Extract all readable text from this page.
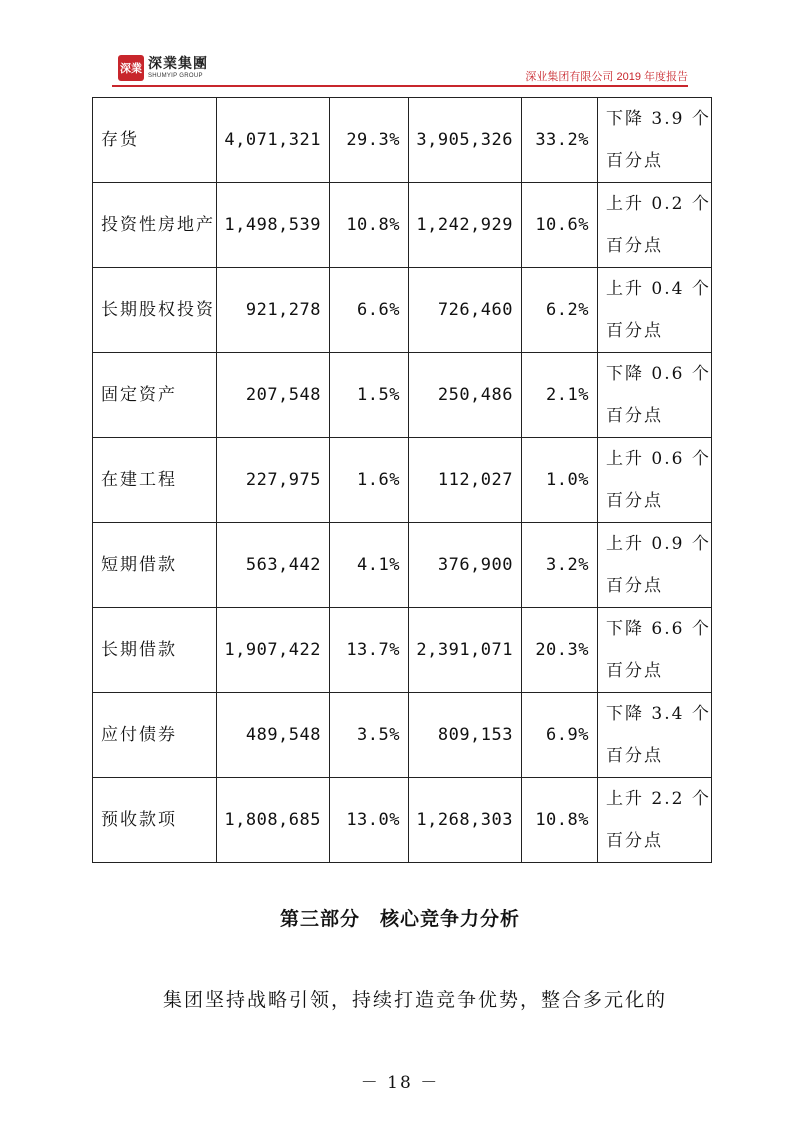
深業 深業集團
SHUMYIP GROUP	深业集团有限公司 2019 年度报告
存货	4,071,321	29.3%	3,905,326	33.2%	下降 3.9 个
百分点

投资性房地产	1,498,539	10.8%	1,242,929	10.6%	上升 0.2 个
百分点

长期股权投资	921,278	6.6%	726,460	6.2%	上升 0.4 个
百分点

固定资产	207,548	1.5%	250,486	2.1%	下降 0.6 个
百分点

在建工程	227,975	1.6%	112,027	1.0%	上升 0.6 个
百分点

短期借款	563,442	4.1%	376,900	3.2%	上升 0.9 个
百分点

长期借款	1,907,422	13.7%	2,391,071	20.3%	下降 6.6 个
百分点

应付债券	489,548	3.5%	809,153	6.9%	下降 3.4 个
百分点

预收款项	1,808,685	13.0%	1,268,303	10.8%	上升 2.2 个
百分点
第三部分　核心竞争力分析
集团坚持战略引领，持续打造竞争优势，整合多元化的
－ 18 －
